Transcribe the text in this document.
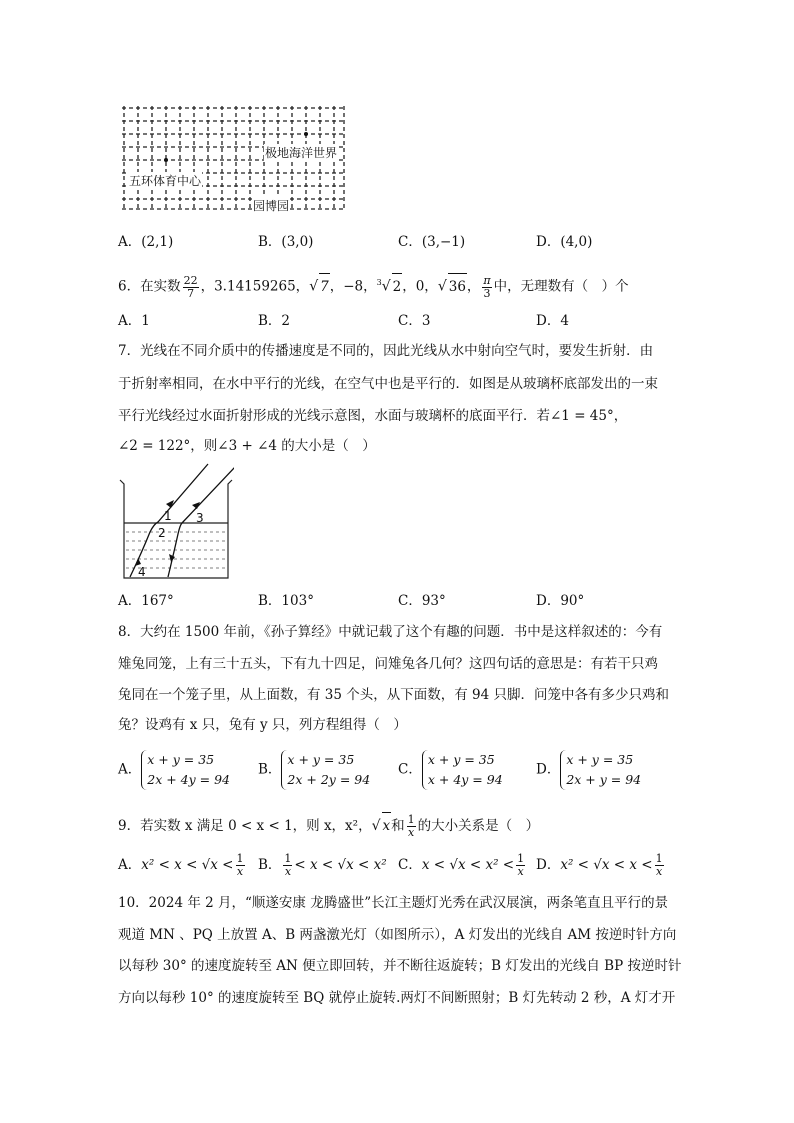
极地海洋世界
五环体育中心
园博园
A．(2,1)	B．(3,0)	C．(3,−1)	D．(4,0)
6．在实数 $\frac{22}{7}$ ，3.14159265，√ 7，−8，$^3$√ 2，0，√ 36， $\frac{\pi}{3}$ 中，无理数有（　）个
A．1	B．2	C．3	D．4
7．光线在不同介质中的传播速度是不同的，因此光线从水中射向空气时，要发生折射．由
于折射率相同，在水中平行的光线，在空气中也是平行的．如图是从玻璃杯底部发出的一束
平行光线经过水面折射形成的光线示意图，水面与玻璃杯的底面平行．若∠1 = 45°，
∠2 = 122°，则∠3 + ∠4 的大小是（　）
1
2
3
4
A．167°	B．103°	C．93°	D．90°
8．大约在 1500 年前，《孙子算经》中就记载了这个有趣的问题．书中是这样叙述的：今有
雉兔同笼，上有三十五头，下有九十四足，问雉兔各几何？这四句话的意思是：有若干只鸡
兔同在一个笼子里，从上面数，有 35 个头，从下面数，有 94 只脚．问笼中各有多少只鸡和
兔？设鸡有 x 只，兔有 y 只，列方程组得（　）
A．x + y = 35
2x + 4y = 94
B．x + y = 35
2x + 2y = 94
C．x + y = 35
x + 4y = 94
D．x + y = 35
2x + y = 94
9．若实数 x 满足 0 < x < 1，则 x，x²，√ x和 $\frac{1}{x}$ 的大小关系是（　）
A．$x^2 < x < √x < \frac{1}{x}$ B． $\frac{1}{x} < x < √x < x^2$ C．$x < √x < x^2 < \frac{1}{x}$ D．$x^2 < √x < x < \frac{1}{x}$
10．2024 年 2 月，“顺遂安康 龙腾盛世”长江主题灯光秀在武汉展演，两条笔直且平行的景
观道 MN 、PQ 上放置 A、B 两盏激光灯（如图所示），A 灯发出的光线自 AM 按逆时针方向
以每秒 30° 的速度旋转至 AN 便立即回转，并不断往返旋转；B 灯发出的光线自 BP 按逆时针
方向以每秒 10° 的速度旋转至 BQ 就停止旋转.两灯不间断照射；B 灯先转动 2 秒，A 灯才开
